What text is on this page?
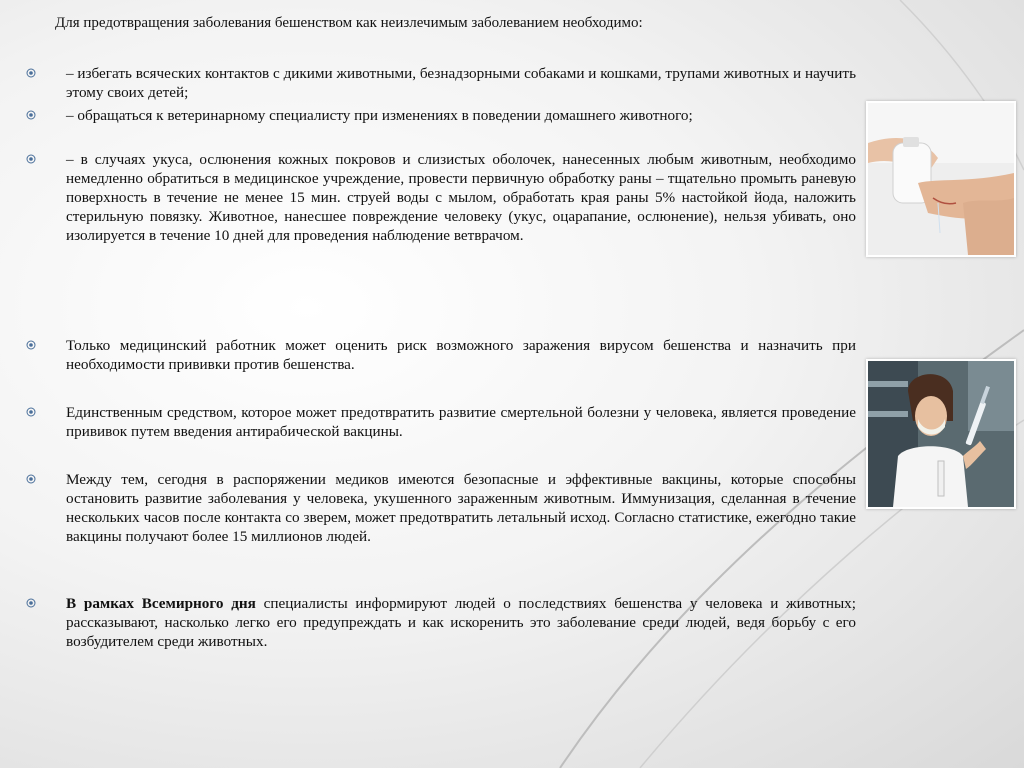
Для предотвращения заболевания бешенством как неизлечимым заболеванием необходимо:
– избегать всяческих контактов с дикими животными, безнадзорными собаками и кошками, трупами животных и научить этому своих детей;
– обращаться к ветеринарному специалисту при изменениях в поведении домашнего животного;
– в случаях укуса, ослюнения кожных покровов и слизистых оболочек, нанесенных любым животным, необходимо немедленно обратиться в медицинское учреждение, провести первичную обработку раны – тщательно промыть раневую поверхность в течение не менее 15 мин. струей воды с мылом, обработать края раны 5% настойкой йода, наложить стерильную повязку. Животное, нанесшее повреждение человеку (укус, оцарапание, ослюнение), нельзя убивать, оно изолируется в течение 10 дней для проведения наблюдение ветврачом.
Только медицинский работник может оценить риск возможного заражения вирусом бешенства и назначить при необходимости прививки против бешенства.
Единственным средством, которое может предотвратить развитие смертельной болезни у человека, является проведение прививок путем введения антирабической вакцины.
Между тем, сегодня в распоряжении медиков имеются безопасные и эффективные вакцины, которые способны остановить развитие заболевания у человека, укушенного зараженным животным. Иммунизация, сделанная в течение нескольких часов после контакта со зверем, может предотвратить летальный исход. Согласно статистике, ежегодно такие вакцины получают более 15 миллионов людей.
В рамках Всемирного дня специалисты информируют людей о последствиях бешенства у человека и животных; рассказывают, насколько легко его предупреждать и как искоренить это заболевание среди людей, ведя борьбу с его возбудителем среди животных.
